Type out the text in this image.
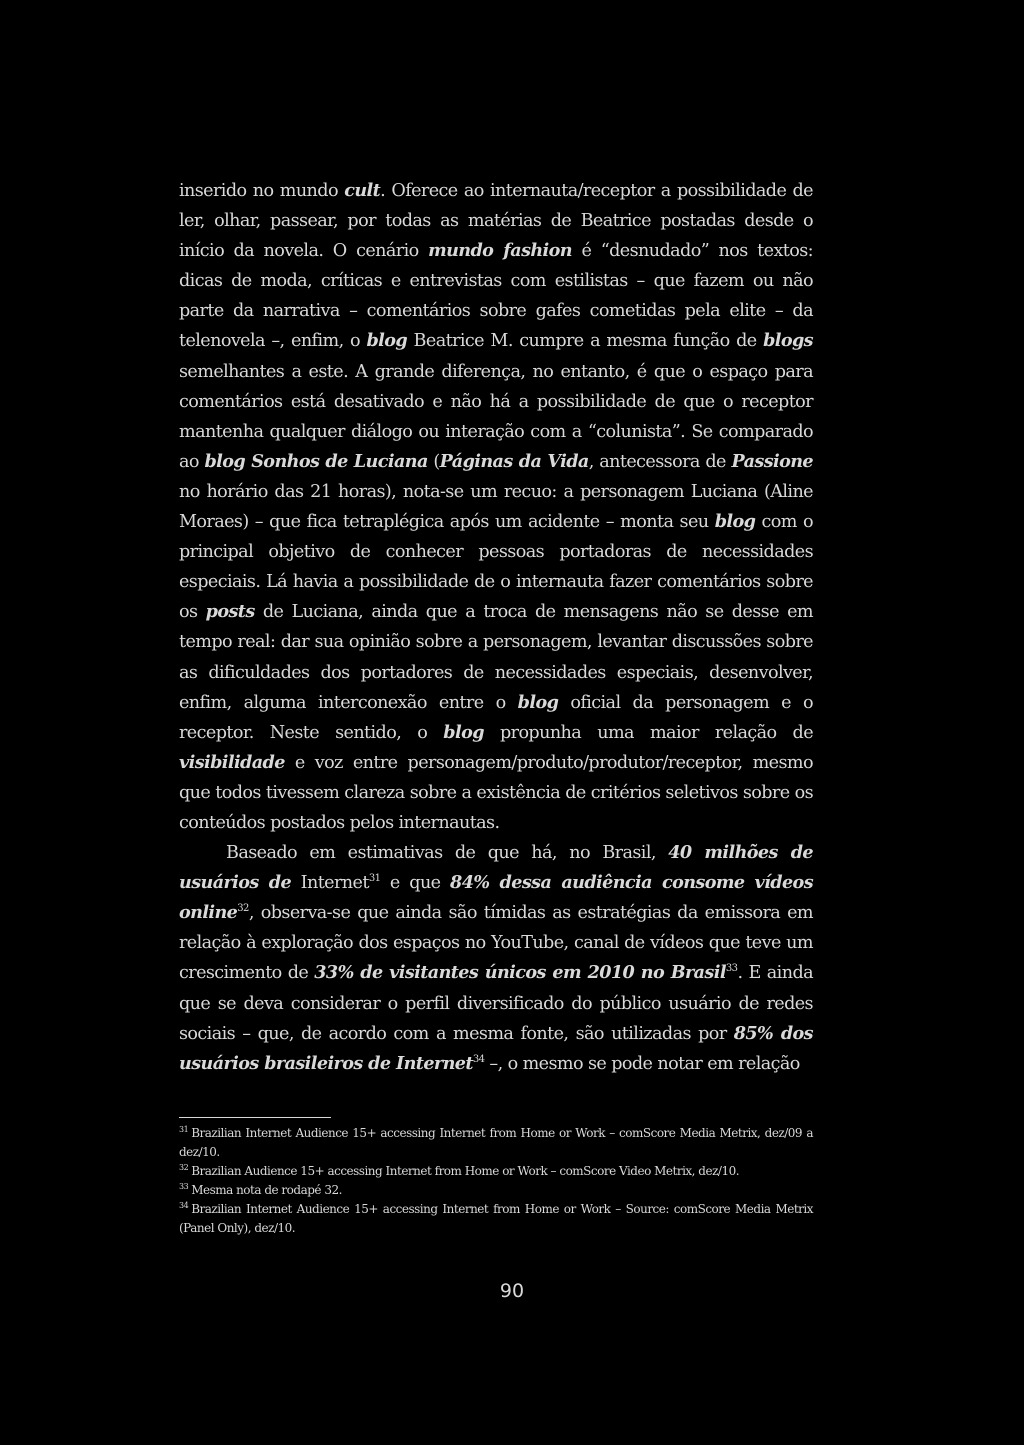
inserido no mundo cult. Oferece ao internauta/receptor a possibilidade de ler, olhar, passear, por todas as matérias de Beatrice postadas desde o início da novela. O cenário mundo fashion é “desnudado” nos textos: dicas de moda, críticas e entrevistas com estilistas – que fazem ou não parte da narrativa – comentários sobre gafes cometidas pela elite – da telenovela –, enfim, o blog Beatrice M. cumpre a mesma função de blogs semelhantes a este. A grande diferença, no entanto, é que o espaço para comentários está desativado e não há a possibilidade de que o receptor mantenha qualquer diálogo ou interação com a “colunista”. Se comparado ao blog Sonhos de Luciana (Páginas da Vida, antecessora de Passione no horário das 21 horas), nota-se um recuo: a personagem Luciana (Aline Moraes) – que fica tetraplégica após um acidente – monta seu blog com o principal objetivo de conhecer pessoas portadoras de necessidades especiais. Lá havia a possibilidade de o internauta fazer comentários sobre os posts de Luciana, ainda que a troca de mensagens não se desse em tempo real: dar sua opinião sobre a personagem, levantar discussões sobre as dificuldades dos portadores de necessidades especiais, desenvolver, enfim, alguma interconexão entre o blog oficial da personagem e o receptor. Neste sentido, o blog propunha uma maior relação de visibilidade e voz entre personagem/produto/produtor/receptor, mesmo que todos tivessem clareza sobre a existência de critérios seletivos sobre os conteúdos postados pelos internautas.

Baseado em estimativas de que há, no Brasil, 40 milhões de usuários de Internet$^{31}$ e que 84% dessa audiência consome vídeos online$^{32}$, observa-se que ainda são tímidas as estratégias da emissora em relação à exploração dos espaços no YouTube, canal de vídeos que teve um crescimento de 33% de visitantes únicos em 2010 no Brasil$^{33}$. E ainda que se deva considerar o perfil diversificado do público usuário de redes sociais – que, de acordo com a mesma fonte, são utilizadas por 85% dos usuários brasileiros de Internet$^{34}$ –, o mesmo se pode notar em relação

$^{31}$ Brazilian Internet Audience 15+ accessing Internet from Home or Work – comScore Media Metrix, dez/09 a dez/10.

$^{32}$ Brazilian Audience 15+ accessing Internet from Home or Work – comScore Video Metrix, dez/10.

$^{33}$ Mesma nota de rodapé 32.

$^{34}$ Brazilian Internet Audience 15+ accessing Internet from Home or Work – Source: comScore Media Metrix (Panel Only), dez/10.

90
